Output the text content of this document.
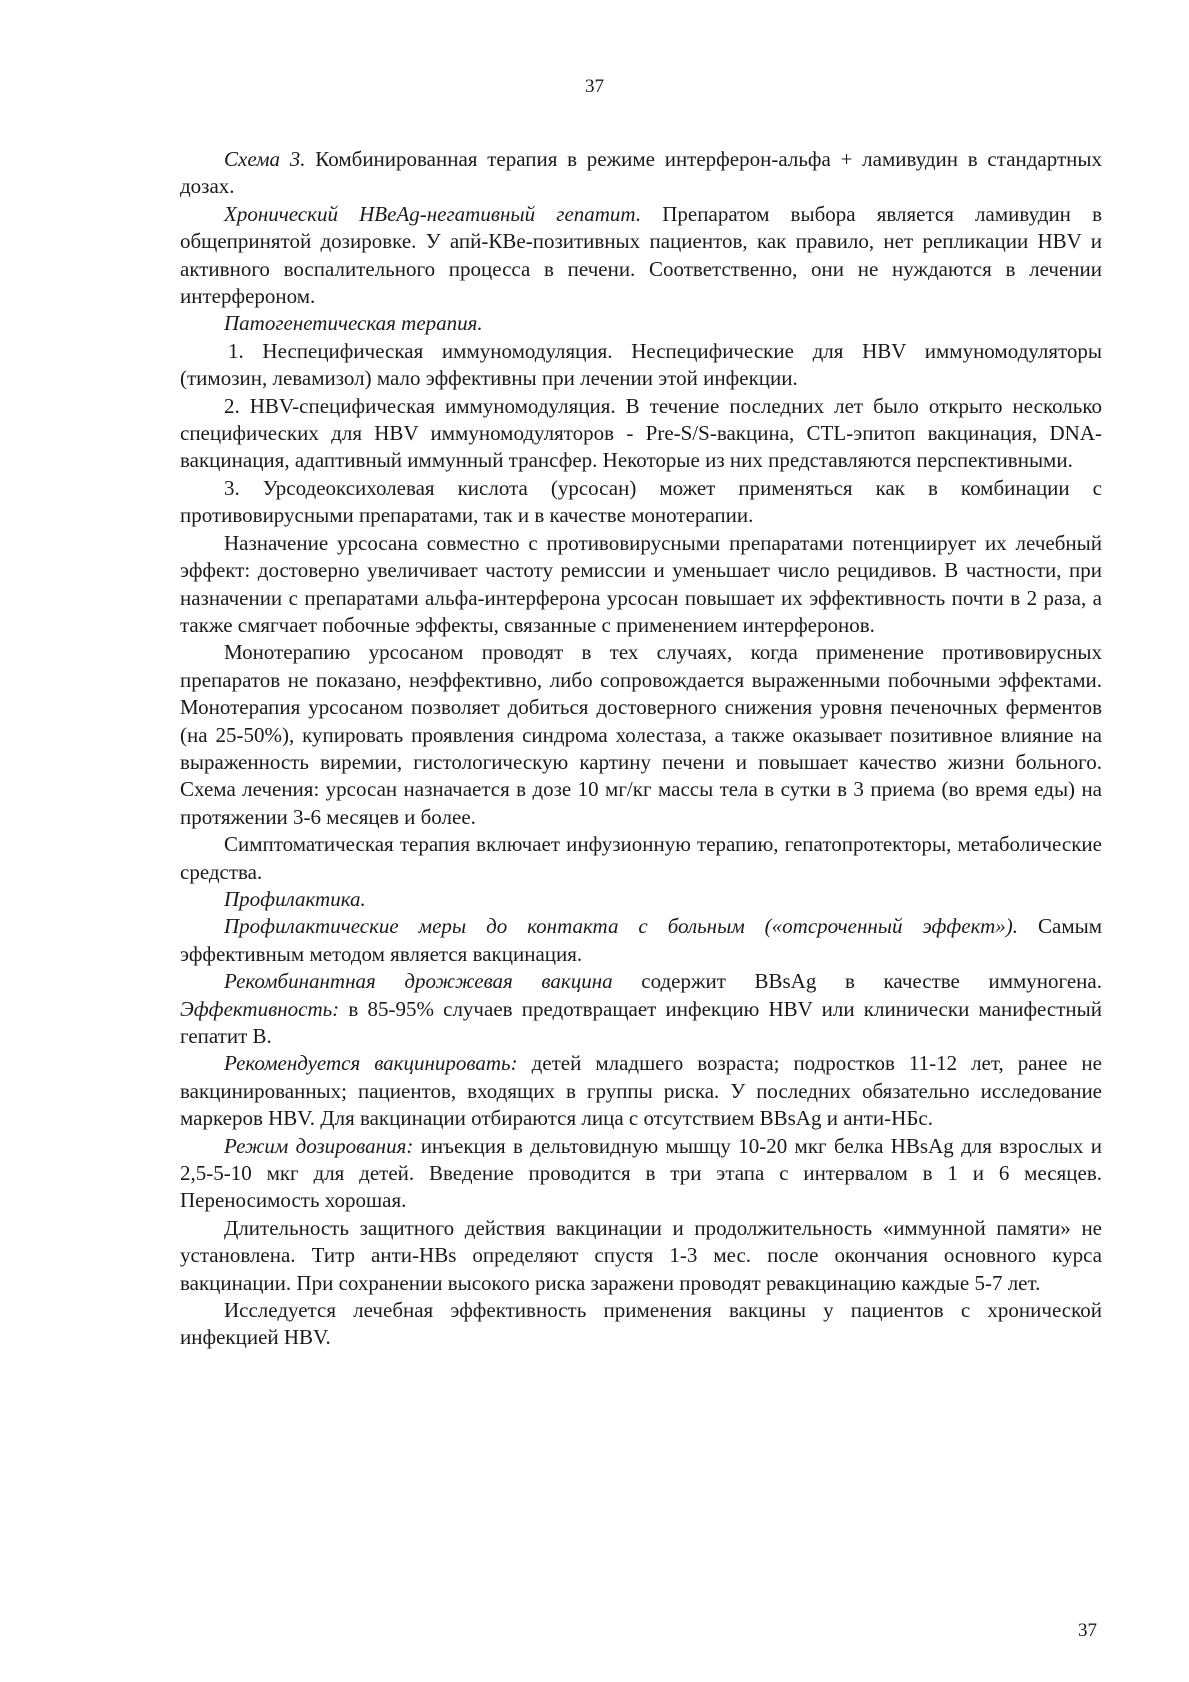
37

Схема 3. Комбинированная терапия в режиме интерферон-альфа + ламивудин в стандартных дозах.

Хронический HBeAg-негативный гепатит. Препаратом выбора является ламивудин в общепринятой дозировке. У апй-КВе-позитивных пациентов, как правило, нет репликации HBV и активного воспалительного процесса в печени. Соответственно, они не нуждаются в лечении интерфероном.

Патогенетическая терапия.

1. Неспецифическая иммуномодуляция. Неспецифические для HBV иммуномодуляторы (тимозин, левамизол) мало эффективны при лечении этой инфекции.

2. HBV-специфическая иммуномодуляция. В течение последних лет было открыто несколько специфических для HBV иммуномодуляторов - Pre-S/S-вакцина, CTL-эпитоп вакцинация, DNA-вакцинация, адаптивный иммунный трансфер. Некоторые из них представляются перспективными.

3. Урсодеоксихолевая кислота (урсосан) может применяться как в комбинации с противовирусными препаратами, так и в качестве монотерапии.

Назначение урсосана совместно с противовирусными препаратами потенциирует их лечебный эффект: достоверно увеличивает частоту ремиссии и уменьшает число рецидивов. В частности, при назначении с препаратами альфа-интерферона урсосан повышает их эффективность почти в 2 раза, а также смягчает побочные эффекты, связанные с применением интерферонов.

Монотерапию урсосаном проводят в тех случаях, когда применение противовирусных препаратов не показано, неэффективно, либо сопровождается выраженными побочными эффектами. Монотерапия урсосаном позволяет добиться достоверного снижения уровня печеночных ферментов (на 25-50%), купировать проявления синдрома холестаза, а также оказывает позитивное влияние на выраженность виремии, гистологическую картину печени и повышает качество жизни больного. Схема лечения: урсосан назначается в дозе 10 мг/кг массы тела в сутки в 3 приема (во время еды) на протяжении 3-6 месяцев и более.

Симптоматическая терапия включает инфузионную терапию, гепатопротекторы, метаболические средства.

Профилактика.

Профилактические меры до контакта с больным («отсроченный эффект»). Самым эффективным методом является вакцинация.

Рекомбинантная дрожжевая вакцина содержит BBsAg в качестве иммуногена. Эффективность: в 85-95% случаев предотвращает инфекцию HBV или клинически манифестный гепатит B.

Рекомендуется вакцинировать: детей младшего возраста; подростков 11-12 лет, ранее не вакцинированных; пациентов, входящих в группы риска. У последних обязательно исследование маркеров HBV. Для вакцинации отбираются лица с отсутствием BBsAg и анти-HБc.

Режим дозирования: инъекция в дельтовидную мышцу 10-20 мкг белка HBsAg для взрослых и 2,5-5-10 мкг для детей. Введение проводится в три этапа с интервалом в 1 и 6 месяцев. Переносимость хорошая.

Длительность защитного действия вакцинации и продолжительность «иммунной памяти» не установлена. Титр анти-HBs определяют спустя 1-3 мес. после окончания основного курса вакцинации. При сохранении высокого риска заражени проводят ревакцинацию каждые 5-7 лет.

Исследуется лечебная эффективность применения вакцины у пациентов с хронической инфекцией HBV.

37
